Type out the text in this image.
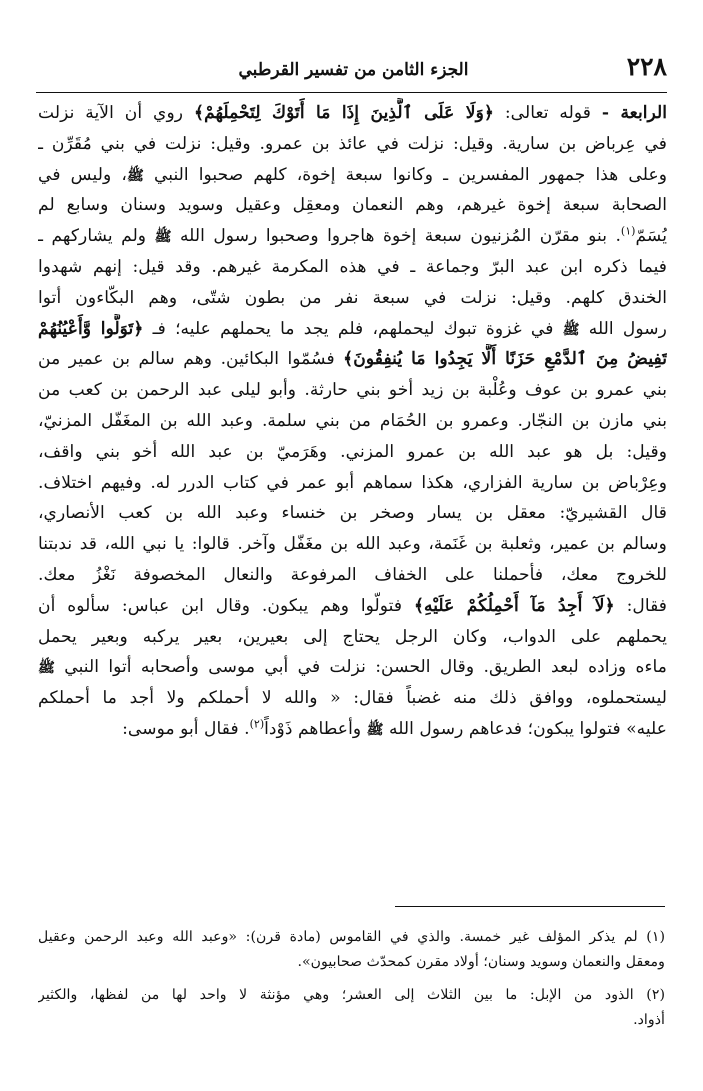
٢٢٨
الجزء الثامن من تفسير القرطبي
الرابعة - قوله تعالى: ﴿وَلَا عَلَى ٱلَّذِينَ إِذَا مَا أَتَوْكَ لِتَحْمِلَهُمْ﴾ روي أن الآية نزلت
في عِرباض بن سارية. وقيل: نزلت في عائذ بن عمرو. وقيل: نزلت في بني مُقَرِّن ـ
وعلى هذا جمهور المفسرين ـ وكانوا سبعة إخوة، كلهم صحبوا النبي ﷺ، وليس في
الصحابة سبعة إخوة غيرهم، وهم النعمان ومعقِل وعقيل وسويد وسنان وسابع لم
يُسَمّ$^{(١)}$. بنو مقرّن المُزنيون سبعة إخوة هاجروا وصحبوا رسول الله ﷺ ولم يشاركهم ـ
فيما ذكره ابن عبد البرّ وجماعة ـ في هذه المكرمة غيرهم. وقد قيل: إنهم شهدوا
الخندق كلهم. وقيل: نزلت في سبعة نفر من بطون شتّى، وهم البكّاءون أتوا
رسول الله ﷺ في غزوة تبوك ليحملهم، فلم يجد ما يحملهم عليه؛ فـ ﴿تَوَلَّوا وَّأَعْيُنُهُمْ
تَفِيضُ مِنَ ٱلدَّمْعِ حَزَنًا أَلَّا يَجِدُوا مَا يُنفِقُونَ﴾ فسُمّوا البكائين. وهم سالم بن عمير من
بني عمرو بن عوف وعُلْبة بن زيد أخو بني حارثة. وأبو ليلى عبد الرحمن بن كعب من
بني مازن بن النجّار. وعمرو بن الحُمَام من بني سلمة. وعبد الله بن المغَفّل المزنيّ،
وقيل: بل هو عبد الله بن عمرو المزني. وهَرَميّ بن عبد الله أخو بني واقف،
وعِرْباض بن سارية الفزاري، هكذا سماهم أبو عمر في كتاب الدرر له. وفيهم اختلاف.
قال القشيريّ: معقل بن يسار وصخر بن خنساء وعبد الله بن كعب الأنصاري،
وسالم بن عمير، وثعلبة بن غَنَمة، وعبد الله بن مغَفّل وآخر. قالوا: يا نبي الله، قد ندبتنا
للخروج معك، فأحملنا على الخفاف المرفوعة والنعال المخصوفة نَغْزُ معك.
فقال: ﴿لَآ أَجِدُ مَآ أَحْمِلُكُمْ عَلَيْهِ﴾ فتولّوا وهم يبكون. وقال ابن عباس: سألوه أن
يحملهم على الدواب، وكان الرجل يحتاج إلى بعيرين، بعير يركبه وبعير يحمل
ماءه وزاده لبعد الطريق. وقال الحسن: نزلت في أبي موسى وأصحابه أتوا النبي ﷺ
ليستحملوه، ووافق ذلك منه غضباً فقال: « والله لا أحملكم ولا أجد ما أحملكم
عليه» فتولوا يبكون؛ فدعاهم رسول الله ﷺ وأعطاهم ذَوْداً$^{(٢)}$. فقال أبو موسى:
(١) لم يذكر المؤلف غير خمسة. والذي في القاموس (مادة قرن): «وعبد الله وعبد الرحمن وعقيل
ومعقل والنعمان وسويد وسنان؛ أولاد مقرن كمحدّث صحابيون».
(٢) الذود من الإبل: ما بين الثلاث إلى العشر؛ وهي مؤنثة لا واحد لها من لفظها، والكثير
أذواد.
